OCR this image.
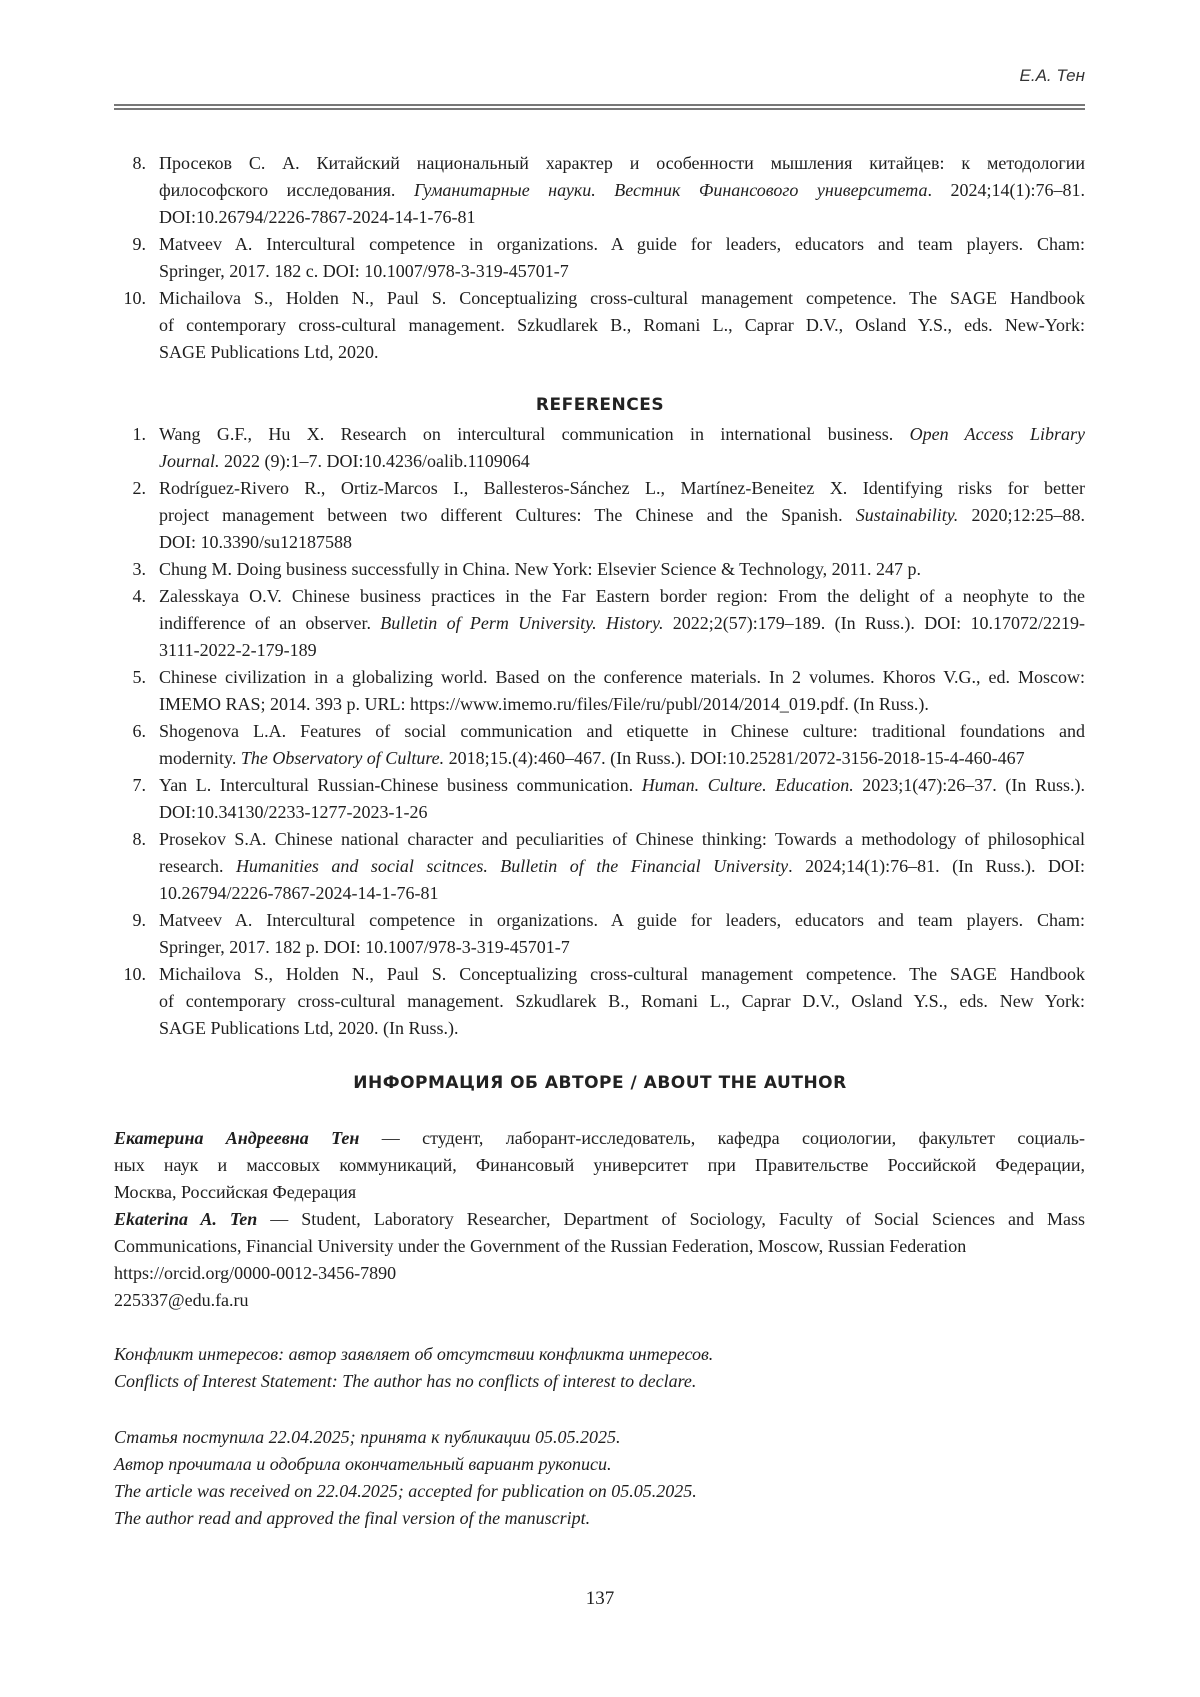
Е.А. Тен
8. Просеков С. А. Китайский национальный характер и особенности мышления китайцев: к методологии
философского исследования. Гуманитарные науки. Вестник Финансового университета. 2024;14(1):76–81.
DOI:10.26794/2226-7867-2024-14-1-76-81
9. Matveev A. Intercultural competence in organizations. A guide for leaders, educators and team players. Cham:
Springer, 2017. 182 с. DOI: 10.1007/978-3-319-45701-7
10. Michailova S., Holden N., Paul S. Conceptualizing cross-cultural management competence. The SAGE Handbook
of contemporary cross-cultural management. Szkudlarek B., Romani L., Caprar D.V., Osland Y.S., eds. New-York:
SAGE Publications Ltd, 2020.
REFERENCES
1. Wang G.F., Hu X. Research on intercultural communication in international business. Open Access Library
Journal. 2022 (9):1–7. DOI:10.4236/oalib.1109064
2. Rodríguez-Rivero R., Ortiz-Marcos I., Ballesteros-Sánchez L., Martínez-Beneitez X. Identifying risks for better
project management between two different Cultures: The Chinese and the Spanish. Sustainability. 2020;12:25–88.
DOI: 10.3390/su12187588
3. Chung M. Doing business successfully in China. New York: Elsevier Science & Technology, 2011. 247 p.
4. Zalesskaya O.V. Chinese business practices in the Far Eastern border region: From the delight of a neophyte to the
indifference of an observer. Bulletin of Perm University. History. 2022;2(57):179–189. (In Russ.). DOI: 10.17072/2219-
3111-2022-2-179-189
5. Chinese civilization in a globalizing world. Based on the conference materials. In 2 volumes. Khoros V.G., ed. Moscow:
IMEMO RAS; 2014. 393 p. URL: https://www.imemo.ru/files/File/ru/publ/2014/2014_019.pdf. (In Russ.).
6. Shogenova L.A. Features of social communication and etiquette in Chinese culture: traditional foundations and
modernity. The Observatory of Culture. 2018;15.(4):460–467. (In Russ.). DOI:10.25281/2072-3156-2018-15-4-460-467
7. Yan L. Intercultural Russian-Chinese business communication. Human. Culture. Education. 2023;1(47):26–37. (In Russ.).
DOI:10.34130/2233-1277-2023-1-26
8. Prosekov S.A. Chinese national character and peculiarities of Chinese thinking: Towards a methodology of philosophical
research. Humanities and social scitnces. Bulletin of the Financial University. 2024;14(1):76–81. (In Russ.). DOI:
10.26794/2226-7867-2024-14-1-76-81
9. Matveev A. Intercultural competence in organizations. A guide for leaders, educators and team players. Cham:
Springer, 2017. 182 p. DOI: 10.1007/978-3-319-45701-7
10. Michailova S., Holden N., Paul S. Conceptualizing cross-cultural management competence. The SAGE Handbook
of contemporary cross-cultural management. Szkudlarek B., Romani L., Caprar D.V., Osland Y.S., eds. New York:
SAGE Publications Ltd, 2020. (In Russ.).
ИНФОРМАЦИЯ ОБ АВТОРЕ / ABOUT THE AUTHOR
Екатерина Андреевна Тен — студент, лаборант-исследователь, кафедра социологии, факультет социаль-
ных наук и массовых коммуникаций, Финансовый университет при Правительстве Российской Федерации,
Москва, Российская Федерация
Ekaterina A. Ten — Student, Laboratory Researcher, Department of Sociology, Faculty of Social Sciences and Mass
Communications, Financial University under the Government of the Russian Federation, Moscow, Russian Federation
https://orcid.org/0000-0012-3456-7890
225337@edu.fa.ru
Конфликт интересов: автор заявляет об отсутствии конфликта интересов.
Conflicts of Interest Statement: The author has no conflicts of interest to declare.
Статья поступила 22.04.2025; принята к публикации 05.05.2025.
Автор прочитала и одобрила окончательный вариант рукописи.
The article was received on 22.04.2025; accepted for publication on 05.05.2025.
The author read and approved the final version of the manuscript.
137
